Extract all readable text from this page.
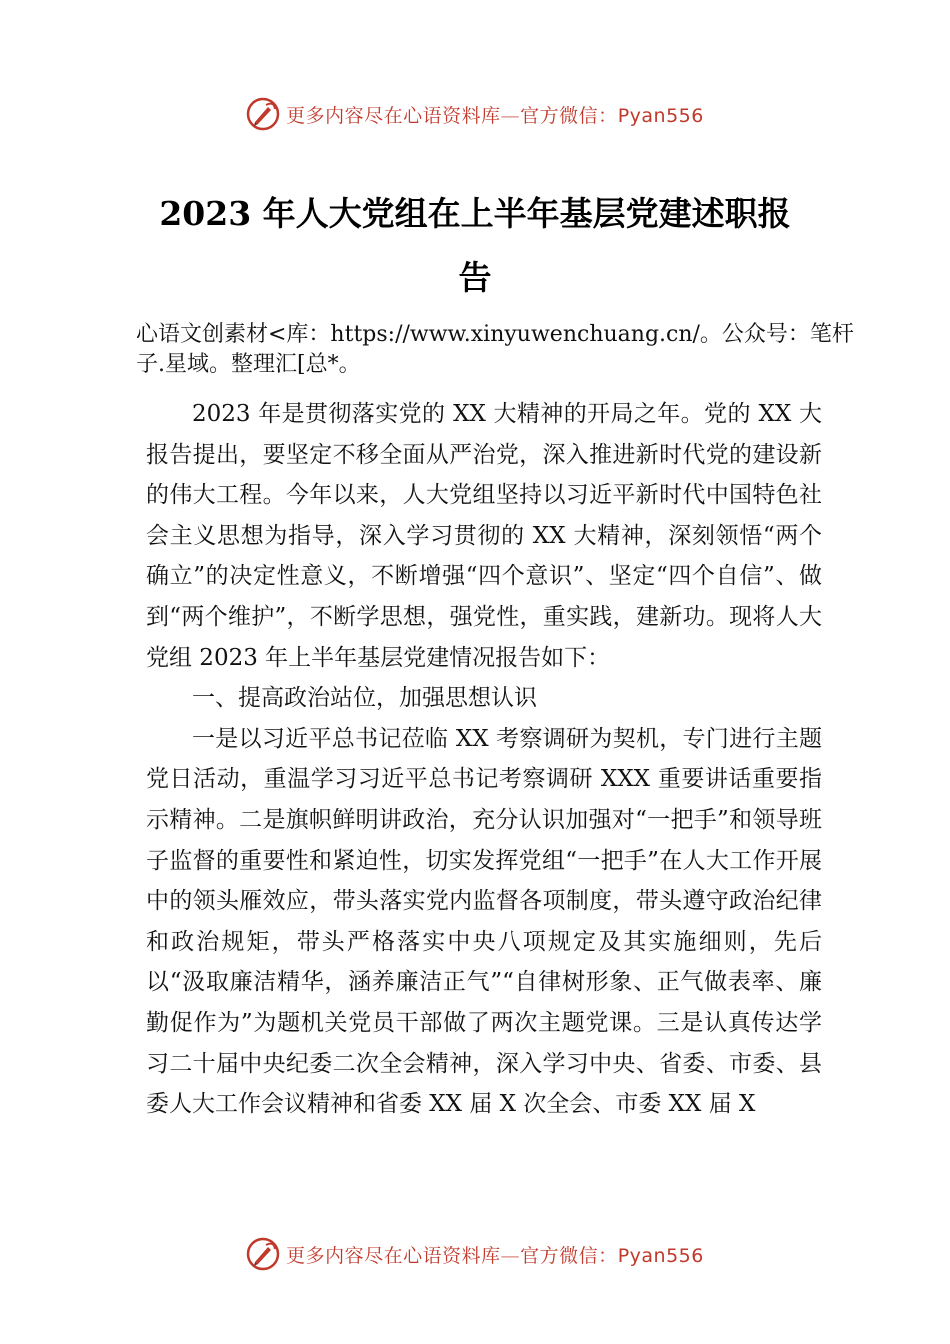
更多内容尽在心语资料库—官方微信：Pyan556
2023 年人大党组在上半年基层党建述职报
告
心语文创素材<库：https://www.xinyuwenchuang.cn/。公众号：笔杆子.星域。整理汇[总*。

2023 年是贯彻落实党的 XX 大精神的开局之年。党的 XX 大报告提出，要坚定不移全面从严治党，深入推进新时代党的建设新的伟大工程。今年以来，人大党组坚持以习近平新时代中国特色社会主义思想为指导，深入学习贯彻的 XX 大精神，深刻领悟“两个确立”的决定性意义，不断增强“四个意识”、坚定“四个自信”、做到“两个维护”，不断学思想，强党性，重实践，建新功。现将人大党组 2023 年上半年基层党建情况报告如下：

一、提高政治站位，加强思想认识

一是以习近平总书记莅临 XX 考察调研为契机，专门进行主题党日活动，重温学习习近平总书记考察调研 XXX 重要讲话重要指示精神。二是旗帜鲜明讲政治，充分认识加强对“一把手”和领导班子监督的重要性和紧迫性，切实发挥党组“一把手”在人大工作开展中的领头雁效应，带头落实党内监督各项制度，带头遵守政治纪律和政治规矩，带头严格落实中央八项规定及其实施细则，先后以“汲取廉洁精华，涵养廉洁正气”“自律树形象、正气做表率、廉勤促作为”为题机关党员干部做了两次主题党课。三是认真传达学习二十届中央纪委二次全会精神，深入学习中央、省委、市委、县委人大工作会议精神和省委 XX 届 X 次全会、市委 XX 届 X

更多内容尽在心语资料库—官方微信：Pyan556
